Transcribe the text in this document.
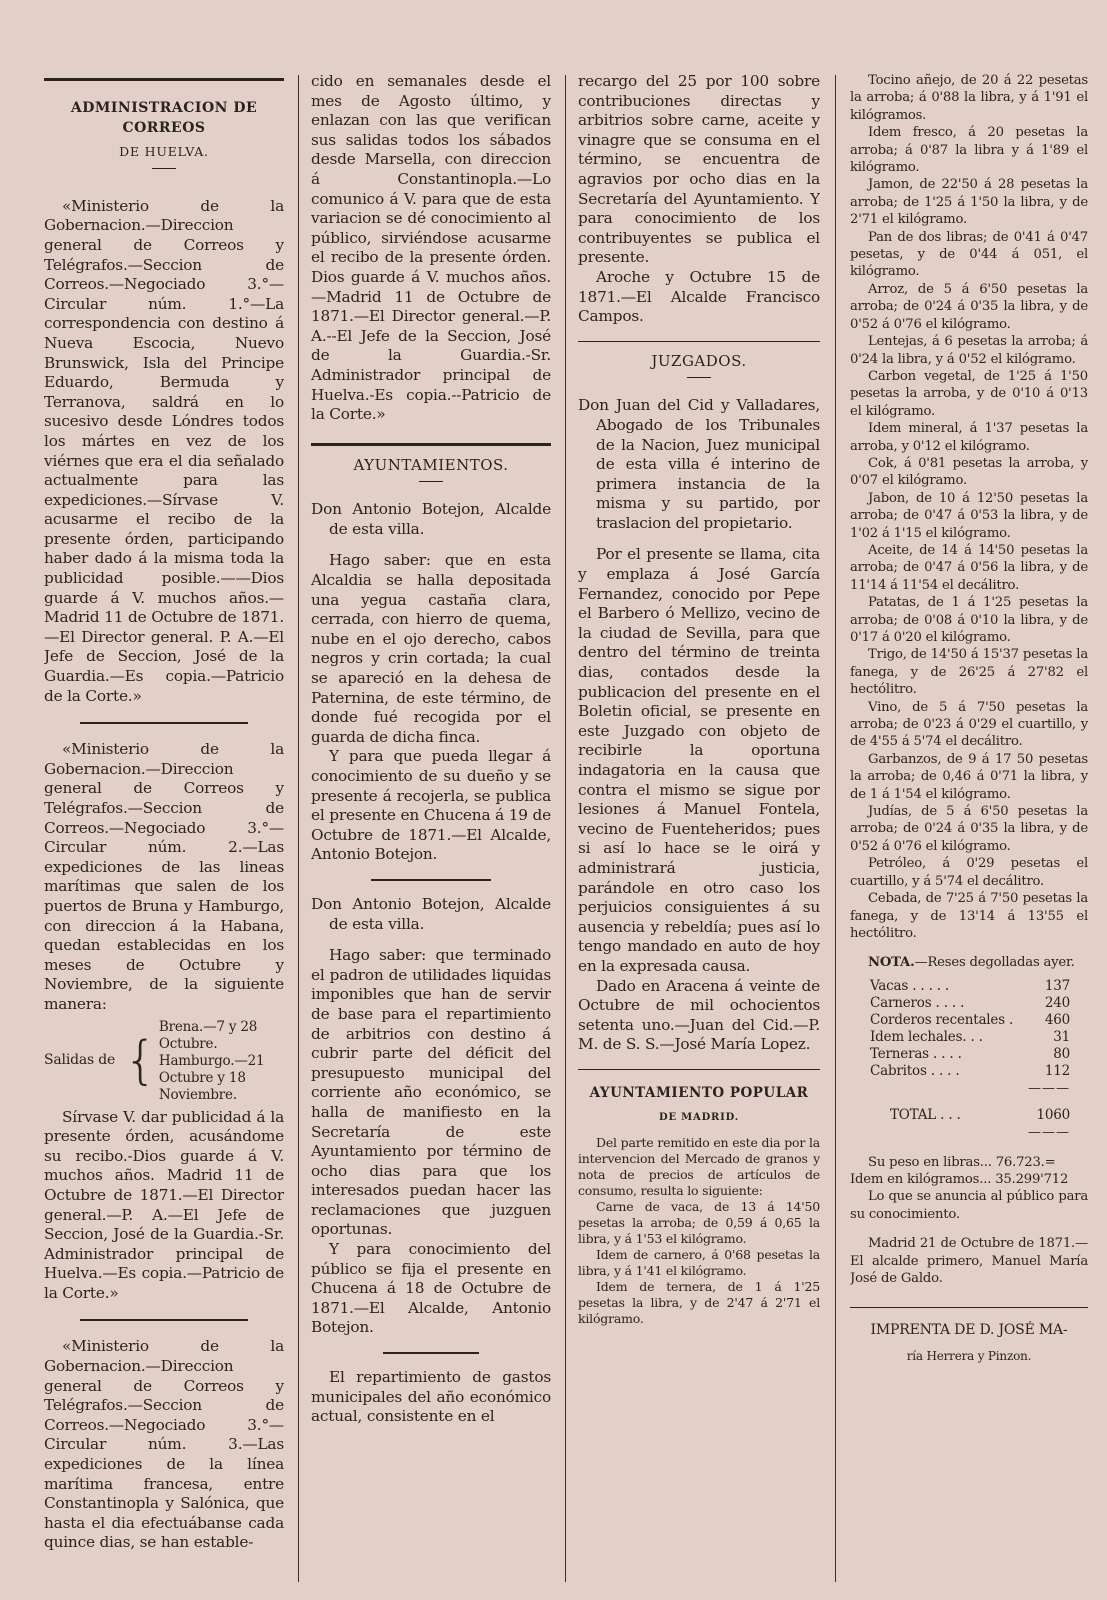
ADMINISTRACION DE CORREOS
DE HUELVA.

«Ministerio de la Gobernacion.—Direccion general de Correos y Telégrafos.—Seccion de Correos.—Negociado 3.°—Circular núm. 1.°—La correspondencia con destino á Nueva Escocia, Nuevo Brunswick, Isla del Principe Eduardo, Bermuda y Terranova, saldrá en lo sucesivo desde Lóndres todos los mártes en vez de los viérnes que era el dia señalado actualmente para las expediciones.—Sírvase V. acusarme el recibo de la presente órden, participando haber dado á la misma toda la publicidad posible.——Dios guarde á V. muchos años.—Madrid 11 de Octubre de 1871.—El Director general. P. A.—El Jefe de Seccion, José de la Guardia.—Es copia.—Patricio de la Corte.»

«Ministerio de la Gobernacion.—Direccion general de Correos y Telégrafos.—Seccion de Correos.—Negociado 3.°—Circular núm. 2.—Las expediciones de las lineas marítimas que salen de los puertos de Bruna y Hamburgo, con direccion á la Habana, quedan establecidas en los meses de Octubre y Noviembre, de la siguiente manera:

Salidas de {
Brena.—7 y 28 Octubre.
Hamburgo.—21 Octubre y 18 Noviembre.

Sírvase V. dar publicidad á la presente órden, acusándome su recibo.-Dios guarde á V. muchos años. Madrid 11 de Octubre de 1871.—El Director general.—P. A.—El Jefe de Seccion, José de la Guardia.-Sr. Administrador principal de Huelva.—Es copia.—Patricio de la Corte.»

«Ministerio de la Gobernacion.—Direccion general de Correos y Telégrafos.—Seccion de Correos.—Negociado 3.°—Circular núm. 3.—Las expediciones de la línea marítima francesa, entre Constantinopla y Salónica, que hasta el dia efectuábanse cada quince dias, se han estable-

cido en semanales desde el mes de Agosto último, y enlazan con las que verifican sus salidas todos los sábados desde Marsella, con direccion á Constantinopla.—Lo comunico á V. para que de esta variacion se dé conocimiento al público, sirviéndose acusarme el recibo de la presente órden. Dios guarde á V. muchos años.—Madrid 11 de Octubre de 1871.—El Director general.—P. A.--El Jefe de la Seccion, José de la Guardia.-Sr. Administrador principal de Huelva.-Es copia.--Patricio de la Corte.»

AYUNTAMIENTOS.

Don Antonio Botejon, Alcalde de esta villa.

Hago saber: que en esta Alcaldia se halla depositada una yegua castaña clara, cerrada, con hierro de quema, nube en el ojo derecho, cabos negros y crin cortada; la cual se apareció en la dehesa de Paternina, de este término, de donde fué recogida por el guarda de dicha finca.

Y para que pueda llegar á conocimiento de su dueño y se presente á recojerla, se publica el presente en Chucena á 19 de Octubre de 1871.—El Alcalde, Antonio Botejon.

Don Antonio Botejon, Alcalde de esta villa.

Hago saber: que terminado el padron de utilidades liquidas imponibles que han de servir de base para el repartimiento de arbitrios con destino á cubrir parte del déficit del presupuesto municipal del corriente año económico, se halla de manifiesto en la Secretaría de este Ayuntamiento por término de ocho dias para que los interesados puedan hacer las reclamaciones que juzguen oportunas.

Y para conocimiento del público se fija el presente en Chucena á 18 de Octubre de 1871.—El Alcalde, Antonio Botejon.

El repartimiento de gastos municipales del año económico actual, consistente en el

recargo del 25 por 100 sobre contribuciones directas y arbitrios sobre carne, aceite y vinagre que se consuma en el término, se encuentra de agravios por ocho dias en la Secretaría del Ayuntamiento. Y para conocimiento de los contribuyentes se publica el presente.

Aroche y Octubre 15 de 1871.—El Alcalde Francisco Campos.

JUZGADOS.

Don Juan del Cid y Valladares, Abogado de los Tribunales de la Nacion, Juez municipal de esta villa é interino de primera instancia de la misma y su partido, por traslacion del propietario.

Por el presente se llama, cita y emplaza á José García Fernandez, conocido por Pepe el Barbero ó Mellizo, vecino de la ciudad de Sevilla, para que dentro del término de treinta dias, contados desde la publicacion del presente en el Boletin oficial, se presente en este Juzgado con objeto de recibirle la oportuna indagatoria en la causa que contra el mismo se sigue por lesiones á Manuel Fontela, vecino de Fuenteheridos; pues si así lo hace se le oirá y administrará justicia, parándole en otro caso los perjuicios consiguientes á su ausencia y rebeldía; pues así lo tengo mandado en auto de hoy en la expresada causa.

Dado en Aracena á veinte de Octubre de mil ochocientos setenta uno.—Juan del Cid.—P. M. de S. S.—José María Lopez.

AYUNTAMIENTO POPULAR
DE MADRID.

Del parte remitido en este dia por la intervencion del Mercado de granos y nota de precios de artículos de consumo, resulta lo siguiente:

Carne de vaca, de 13 á 14'50 pesetas la arroba; de 0,59 á 0,65 la libra, y á 1'53 el kilógramo.

Idem de carnero, á 0'68 pesetas la libra, y á 1'41 el kilógramo.

Idem de ternera, de 1 á 1'25 pesetas la libra, y de 2'47 á 2'71 el kilógramo.

Tocino añejo, de 20 á 22 pesetas la arroba; á 0'88 la libra, y á 1'91 el kilógramos.

Idem fresco, á 20 pesetas la arroba; á 0'87 la libra y á 1'89 el kilógramo.

Jamon, de 22'50 á 28 pesetas la arroba; de 1'25 á 1'50 la libra, y de 2'71 el kilógramo.

Pan de dos libras; de 0'41 á 0'47 pesetas, y de 0'44 á 051, el kilógramo.

Arroz, de 5 á 6'50 pesetas la arroba; de 0'24 á 0'35 la libra, y de 0'52 á 0'76 el kilógramo.

Lentejas, á 6 pesetas la arroba; á 0'24 la libra, y á 0'52 el kilógramo.

Carbon vegetal, de 1'25 á 1'50 pesetas la arroba, y de 0'10 á 0'13 el kilógramo.

Idem mineral, á 1'37 pesetas la arroba, y 0'12 el kilógramo.

Cok, á 0'81 pesetas la arroba, y 0'07 el kilógramo.

Jabon, de 10 á 12'50 pesetas la arroba; de 0'47 á 0'53 la libra, y de 1'02 á 1'15 el kilógramo.

Aceite, de 14 á 14'50 pesetas la arroba; de 0'47 á 0'56 la libra, y de 11'14 á 11'54 el decálitro.

Patatas, de 1 á 1'25 pesetas la arroba; de 0'08 á 0'10 la libra, y de 0'17 á 0'20 el kilógramo.

Trigo, de 14'50 á 15'37 pesetas la fanega, y de 26'25 á 27'82 el hectólitro.

Vino, de 5 á 7'50 pesetas la arroba; de 0'23 á 0'29 el cuartillo, y de 4'55 á 5'74 el decálitro.

Garbanzos, de 9 á 17 50 pesetas la arroba; de 0,46 á 0'71 la libra, y de 1 á 1'54 el kilógramo.

Judías, de 5 á 6'50 pesetas la arroba; de 0'24 á 0'35 la libra, y de 0'52 á 0'76 el kilógramo.

Petróleo, á 0'29 pesetas el cuartillo, y á 5'74 el decálitro.

Cebada, de 7'25 á 7'50 pesetas la fanega, y de 13'14 á 13'55 el hectólitro.

NOTA.—Reses degolladas ayer.

Vacas . . . . .	137
Carneros . . . .	240
Corderos recentales . 460
Idem lechales. . .	31
Terneras . . . .	80
Cabritos . . . .	112
———
TOTAL . . .	1060
———

Su peso en libras... 76.723.=

Idem en kilógramos... 35.299'712

Lo que se anuncia al público para su conocimiento.

Madrid 21 de Octubre de 1871.—El alcalde primero, Manuel María José de Galdo.

IMPRENTA DE D. JOSÉ MA-
ría Herrera y Pinzon.
